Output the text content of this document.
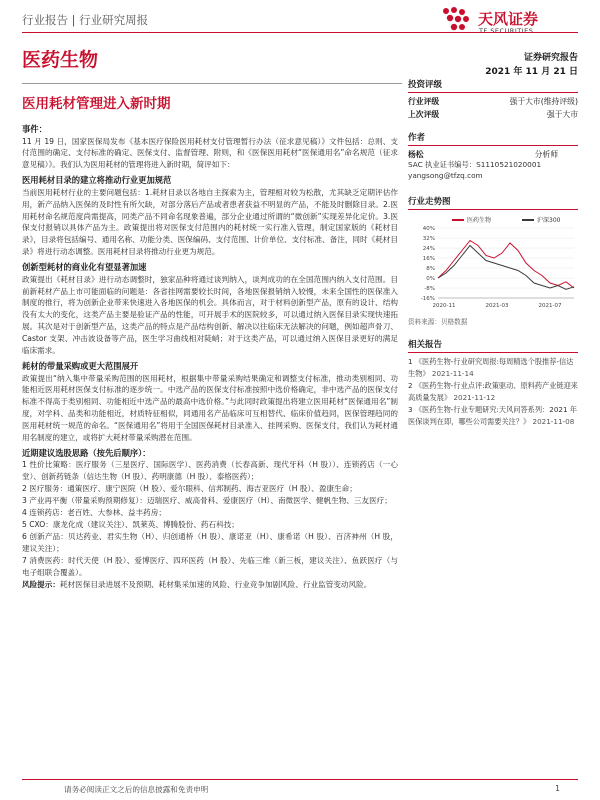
行业报告 | 行业研究周报	天风证券
TF SECURITIES
医药生物	证券研究报告
2021 年 11 月 21 日
医用耗材管理进入新时期
事件：
11 月 19 日，国家医保局发布《基本医疗保险医用耗材支付管理暂行办法（征求意见稿）》文件包括：总则、支付范围的确定、支付标准的确定、医保支付、监督管理、附则，和《医保医用耗材“医保通用名”命名规范（征求意见稿）》。我们认为医用耗材的管理将进入新时期，简评如下：
医用耗材目录的建立将推动行业更加规范
当前医用耗材行业的主要问题包括：1.耗材目录以各地自主探索为主，管理相对较为松散，尤其缺乏定期评估作用，新产品纳入医保的及时性有所欠缺，对部分落后产品或者患者获益不明显的产品，不能及时删除目录。2.医用耗材命名规范度尚需提高，同类产品不同命名现象普遍，部分企业通过所谓的“微创新”实现差异化定价。3.医保支付报销以具体产品为主。政策提出将对医保支付范围内的耗材统一实行准入管理，制定国家版的《耗材目录》，目录将包括编号、通用名称、功能分类、医保编码、支付范围、计价单位、支付标准、备注，同时《耗材目录》将进行动态调整。医用耗材目录将推动行业更为规范。
创新型耗材的商业化有望显著加速
政策提出《耗材目录》进行动态调整时，独家品种将通过谈判纳入，谈判成功的在全国范围内纳入支付范围。目前新耗材产品上市可能面临的问题是：各省挂网需要较长时间，各地医保报销纳入较慢，未来全国性的医保准入制度的推行，将为创新企业带来快速进入各地医保的机会。具体而言，对于材料创新型产品，原有的设计、结构没有太大的变化，这类产品主要是验证产品的性能，可开展手术的医院较多，可以通过纳入医保目录实现快速拓展。其次是对于创新型产品，这类产品的特点是产品结构创新、解决以往临床无法解决的问题，例如超声骨刀、Castor 支架、冲击波设备等产品，医生学习曲线相对陡峭；对于这类产品，可以通过纳入医保目录更好的满足临床需求。
耗材的带量采购或更大范围展开
政策提出“纳入集中带量采购范围的医用耗材，根据集中带量采购结果确定和调整支付标准，推动类别相同、功能相近医用耗材医保支付标准的逐步统一。中选产品的医保支付标准按照中选价格确定，非中选产品的医保支付标准不得高于类别相同、功能相近中选产品的最高中选价格。”与此同时政策提出将建立医用耗材“医保通用名”制度，对学科、品类和功能相近，材质特征相似，同通用名产品临床可互相替代、临床价值趋同，医保管理趋同的医用耗材统一规范的命名。“医保通用名”将用于全国医保耗材目录准入、挂网采购、医保支付，我们认为耗材通用名制度的建立，或将扩大耗材带量采购潜在范围。
近期建议选股思路（按先后顺序）：
1 性价比策略：医疗服务（三星医疗、国际医学）、医药消费（长春高新、现代牙科（H 股））、连锁药店（一心堂）、创新药链条（信达生物（H 股）、药明康德（H 股）、泰格医药）；
2 医疗服务：通策医疗、康宁医院（H 股）、爱尔眼科、信邦制药、海吉亚医疗（H 股）、盈康生命；
3 产业再平衡（带量采购预期修复）：迈瑞医疗、威高骨科、爱康医疗（H）、南微医学、健帆生物、三友医疗；
4 连锁药店：老百姓、大参林、益丰药房；
5 CXO：康龙化成（建议关注）、凯莱英、博腾股份、药石科技；
6 创新产品：贝达药业、君实生物（H）、归创通桥（H 股）、康诺亚（H）、康希诺（H 股）、百济神州（H 股，建议关注）；
7 消费医药：时代天使（H 股）、爱博医疗、四环医药（H 股）、先临三维（新三板，建议关注）、鱼跃医疗（与电子组联合覆盖）。
风险提示：耗材医保目录进展不及预期、耗材集采加速的风险、行业竞争加剧风险、行业监管变动风险。
投资评级
行业评级	强于大市(维持评级)
上次评级	强于大市
作者
杨松	分析师
SAC 执业证书编号：S1110521020001
yangsong@tfzq.com
行业走势图
40%
32%
24%
16%
8%
0%
-8%
-16%
2020-11	2021-03	2021-07
医药生物	沪深300
资料来源：贝格数据
相关报告
1 《医药生物-行业研究周报:每周精选个股推荐-信达生物》 2021-11-14
2 《医药生物-行业点评:政策驱动、原料药产业链迎来高质量发展》 2021-11-12
3 《医药生物-行业专题研究:天风问答系列：2021 年医保谈判在即，哪些公司需要关注？》 2021-11-08
请务必阅读正文之后的信息披露和免责申明	1
